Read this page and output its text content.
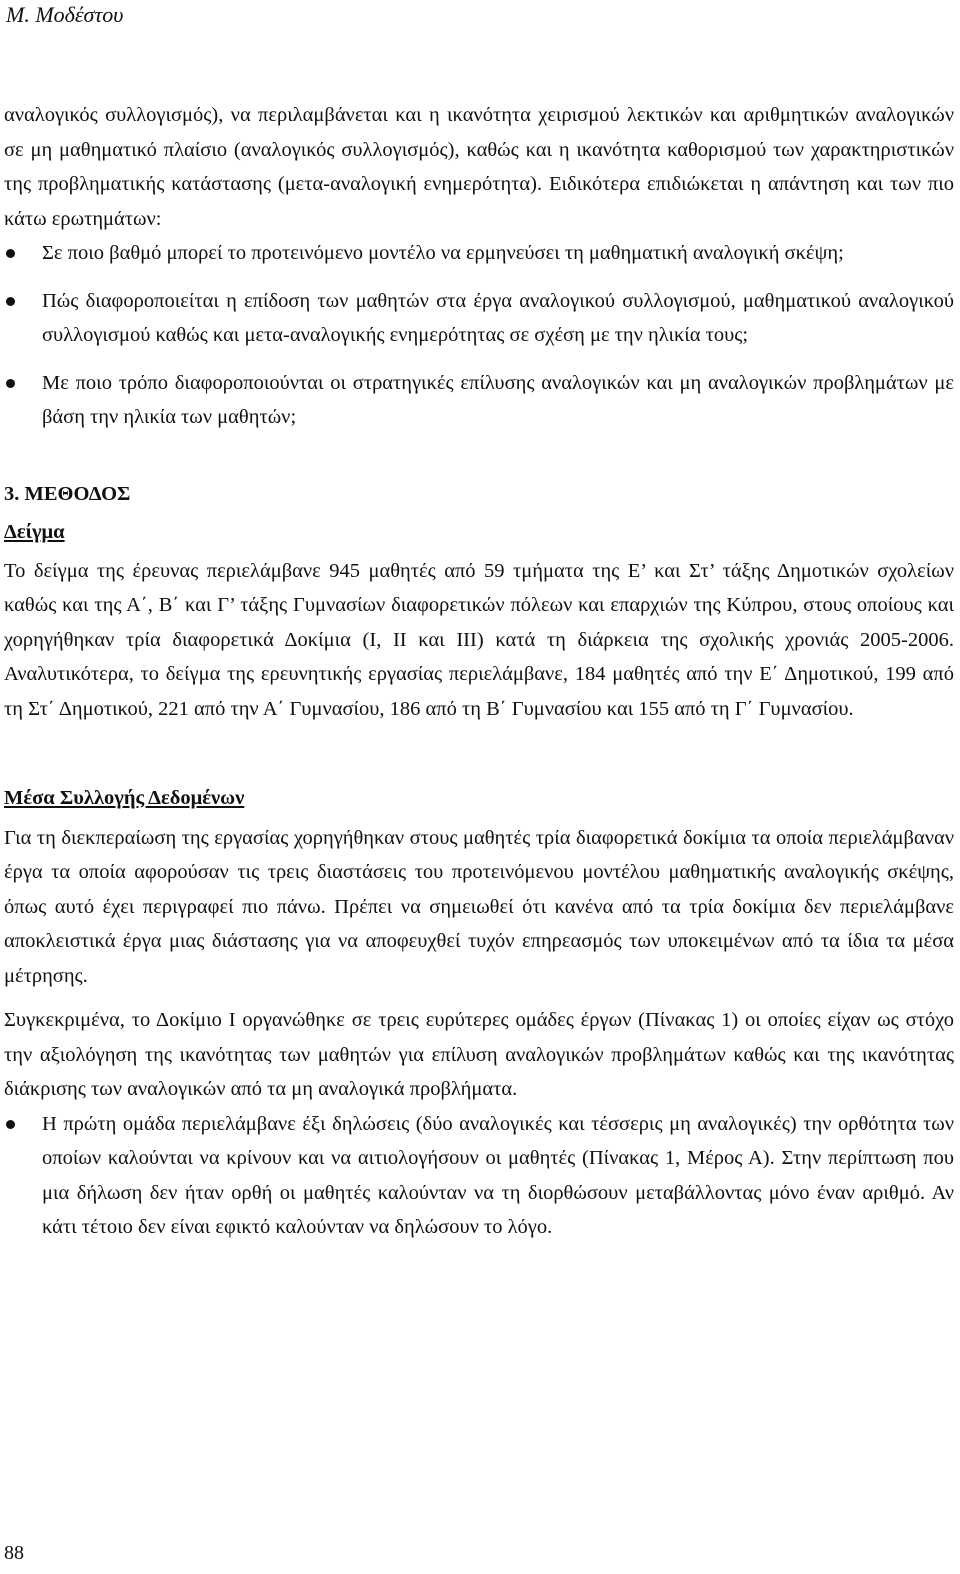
Μ. Μοδέστου

αναλογικός συλλογισμός), να περιλαμβάνεται και η ικανότητα χειρισμού λεκτικών και αριθμητικών αναλογικών σε μη μαθηματικό πλαίσιο (αναλογικός συλλογισμός), καθώς και η ικανότητα καθορισμού των χαρακτηριστικών της προβληματικής κατάστασης (μετα-αναλογική ενημερότητα). Ειδικότερα επιδιώκεται η απάντηση και των πιο κάτω ερωτημάτων:

Σε ποιο βαθμό μπορεί το προτεινόμενο μοντέλο να ερμηνεύσει τη μαθηματική αναλογική σκέψη;
Πώς διαφοροποιείται η επίδοση των μαθητών στα έργα αναλογικού συλλογισμού, μαθηματικού αναλογικού συλλογισμού καθώς και μετα-αναλογικής ενημερότητας σε σχέση με την ηλικία τους;
Με ποιο τρόπο διαφοροποιούνται οι στρατηγικές επίλυσης αναλογικών και μη αναλογικών προβλημάτων με βάση την ηλικία των μαθητών;

3. ΜΕΘΟΔΟΣ

Δείγμα

Το δείγμα της έρευνας περιελάμβανε 945 μαθητές από 59 τμήματα της Ε’ και Στ’ τάξης Δημοτικών σχολείων καθώς και της Α΄, Β΄ και Γ’ τάξης Γυμνασίων διαφορετικών πόλεων και επαρχιών της Κύπρου, στους οποίους και χορηγήθηκαν τρία διαφορετικά Δοκίμια (Ι, ΙΙ και ΙΙΙ) κατά τη διάρκεια της σχολικής χρονιάς 2005-2006. Αναλυτικότερα, το δείγμα της ερευνητικής εργασίας περιελάμβανε, 184 μαθητές από την Ε΄ Δημοτικού, 199 από τη Στ΄ Δημοτικού, 221 από την Α΄ Γυμνασίου, 186 από τη Β΄ Γυμνασίου και 155 από τη Γ΄ Γυμνασίου.

Μέσα Συλλογής Δεδομένων

Για τη διεκπεραίωση της εργασίας χορηγήθηκαν στους μαθητές τρία διαφορετικά δοκίμια τα οποία περιελάμβαναν έργα τα οποία αφορούσαν τις τρεις διαστάσεις του προτεινόμενου μοντέλου μαθηματικής αναλογικής σκέψης, όπως αυτό έχει περιγραφεί πιο πάνω. Πρέπει να σημειωθεί ότι κανένα από τα τρία δοκίμια δεν περιελάμβανε αποκλειστικά έργα μιας διάστασης για να αποφευχθεί τυχόν επηρεασμός των υποκειμένων από τα ίδια τα μέσα μέτρησης.

Συγκεκριμένα, το Δοκίμιο Ι οργανώθηκε σε τρεις ευρύτερες ομάδες έργων (Πίνακας 1) οι οποίες είχαν ως στόχο την αξιολόγηση της ικανότητας των μαθητών για επίλυση αναλογικών προβλημάτων καθώς και της ικανότητας διάκρισης των αναλογικών από τα μη αναλογικά προβλήματα.

Η πρώτη ομάδα περιελάμβανε έξι δηλώσεις (δύο αναλογικές και τέσσερις μη αναλογικές) την ορθότητα των οποίων καλούνται να κρίνουν και να αιτιολογήσουν οι μαθητές (Πίνακας 1, Μέρος Α). Στην περίπτωση που μια δήλωση δεν ήταν ορθή οι μαθητές καλούνταν να τη διορθώσουν μεταβάλλοντας μόνο έναν αριθμό. Αν κάτι τέτοιο δεν είναι εφικτό καλούνταν να δηλώσουν το λόγο.
88
